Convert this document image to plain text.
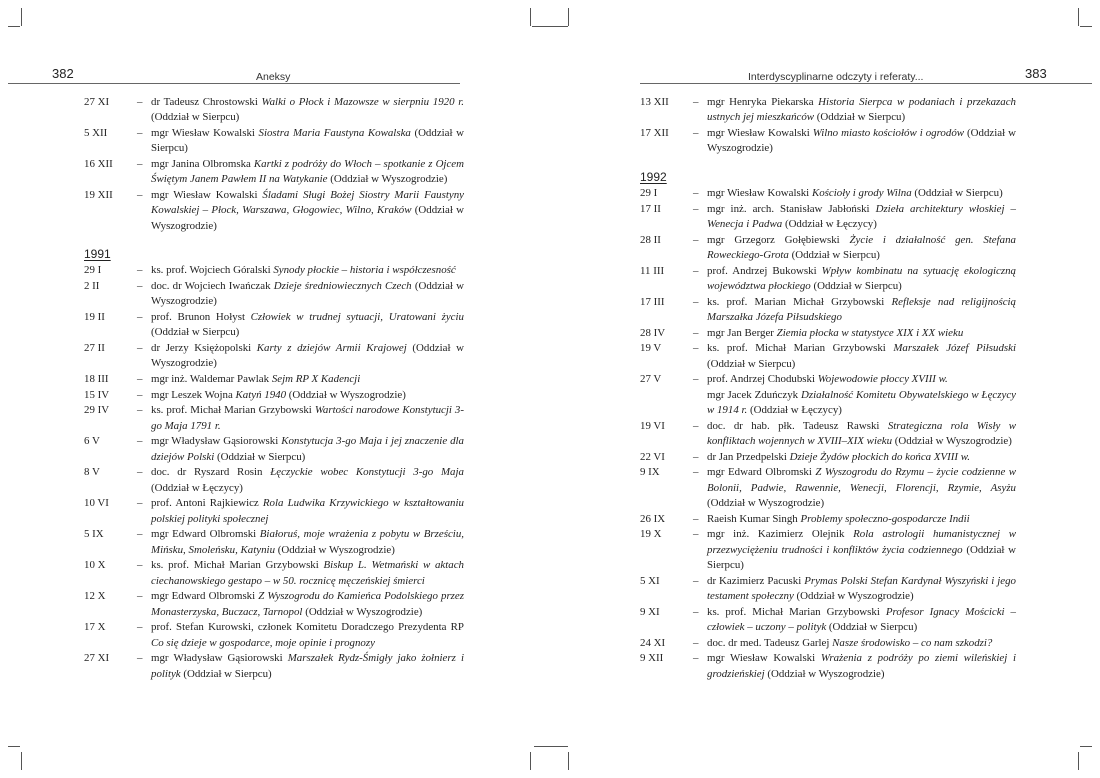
382	Aneksy	Interdyscyplinarne odczyty i referaty...	383
27 XI	– dr Tadeusz Chrostowski Walki o Płock i Mazowsze w sierpniu 1920 r. (Oddział w Sierpcu)
5 XII	– mgr Wiesław Kowalski Siostra Maria Faustyna Kowalska (Oddział w Sierpcu)
16 XII	– mgr Janina Olbromska Kartki z podróży do Włoch – spotkanie z Ojcem Świętym Janem Pawłem II na Watykanie (Oddział w Wyszogrodzie)
19 XII	– mgr Wiesław Kowalski Śladami Sługi Bożej Siostry Marii Faustyny Kowalskiej – Płock, Warszawa, Głogowiec, Wilno, Kraków (Oddział w Wyszogrodzie)
1991
29 I	– ks. prof. Wojciech Góralski Synody płockie – historia i współczesność
2 II	– doc. dr Wojciech Iwańczak Dzieje średniowiecznych Czech (Oddział w Wyszogrodzie)
19 II	– prof. Brunon Hołyst Człowiek w trudnej sytuacji, Uratowani życiu (Oddział w Sierpcu)
27 II	– dr Jerzy Księżopolski Karty z dziejów Armii Krajowej (Oddział w Wyszogrodzie)
18 III	– mgr inż. Waldemar Pawlak Sejm RP X Kadencji
15 IV	– mgr Leszek Wojna Katyń 1940 (Oddział w Wyszogrodzie)
29 IV	– ks. prof. Michał Marian Grzybowski Wartości narodowe Konstytucji 3-go Maja 1791 r.
6 V	– mgr Władysław Gąsiorowski Konstytucja 3-go Maja i jej znaczenie dla dziejów Polski (Oddział w Sierpcu)
8 V	– doc. dr Ryszard Rosin Łęczyckie wobec Konstytucji 3-go Maja (Oddział w Łęczycy)
10 VI	– prof. Antoni Rajkiewicz Rola Ludwika Krzywickiego w kształtowaniu polskiej polityki społecznej
5 IX	– mgr Edward Olbromski Białoruś, moje wrażenia z pobytu w Brześciu, Mińsku, Smoleńsku, Katyniu (Oddział w Wyszogrodzie)
10 X	– ks. prof. Michał Marian Grzybowski Biskup L. Wetmański w aktach ciechanowskiego gestapo – w 50. rocznicę męczeńskiej śmierci
12 X	– mgr Edward Olbromski Z Wyszogrodu do Kamieńca Podolskiego przez Monasterzyska, Buczacz, Tarnopol (Oddział w Wyszogrodzie)
17 X	– prof. Stefan Kurowski, członek Komitetu Doradczego Prezydenta RP Co się dzieje w gospodarce, moje opinie i prognozy
27 XI	– mgr Władysław Gąsiorowski Marszałek Rydz-Śmigły jako żołnierz i polityk (Oddział w Sierpcu)
13 XII	– mgr Henryka Piekarska Historia Sierpca w podaniach i przekazach ustnych jej mieszkańców (Oddział w Sierpcu)
17 XII	– mgr Wiesław Kowalski Wilno miasto kościołów i ogrodów (Oddział w Wyszogrodzie)
1992
29 I	– mgr Wiesław Kowalski Kościoły i grody Wilna (Oddział w Sierpcu)
17 II	– mgr inż. arch. Stanisław Jabłoński Dzieła architektury włoskiej – Wenecja i Padwa (Oddział w Łęczycy)
28 II	– mgr Grzegorz Gołębiewski Życie i działalność gen. Stefana Roweckiego-Grota (Oddział w Sierpcu)
11 III	– prof. Andrzej Bukowski Wpływ kombinatu na sytuację ekologiczną województwa płockiego (Oddział w Sierpcu)
17 III	– ks. prof. Marian Michał Grzybowski Refleksje nad religijnością Marszałka Józefa Piłsudskiego
28 IV	– mgr Jan Berger Ziemia płocka w statystyce XIX i XX wieku
19 V	– ks. prof. Michał Marian Grzybowski Marszałek Józef Piłsudski (Oddział w Sierpcu)
27 V	– prof. Andrzej Chodubski Wojewodowie płoccy XVIII w.
mgr Jacek Zduńczyk Działalność Komitetu Obywatelskiego w Łęczycy w 1914 r. (Oddział w Łęczycy)
19 VI	– doc. dr hab. płk. Tadeusz Rawski Strategiczna rola Wisły w konfliktach wojennych w XVIII–XIX wieku (Oddział w Wyszogrodzie)
22 VI	– dr Jan Przedpelski Dzieje Żydów płockich do końca XVIII w.
9 IX	– mgr Edward Olbromski Z Wyszogrodu do Rzymu – życie codzienne w Bolonii, Padwie, Rawennie, Wenecji, Florencji, Rzymie, Asyżu (Oddział w Wyszogrodzie)
26 IX	– Raeish Kumar Singh Problemy społeczno-gospodarcze Indii
19 X	– mgr inż. Kazimierz Olejnik Rola astrologii humanistycznej w przezwyciężeniu trudności i konfliktów życia codziennego (Oddział w Sierpcu)
5 XI	– dr Kazimierz Pacuski Prymas Polski Stefan Kardynał Wyszyński i jego testament społeczny (Oddział w Wyszogrodzie)
9 XI	– ks. prof. Michał Marian Grzybowski Profesor Ignacy Mościcki – człowiek – uczony – polityk (Oddział w Sierpcu)
24 XI	– doc. dr med. Tadeusz Garlej Nasze środowisko – co nam szkodzi?
9 XII	– mgr Wiesław Kowalski Wrażenia z podróży po ziemi wileńskiej i grodzieńskiej (Oddział w Wyszogrodzie)
